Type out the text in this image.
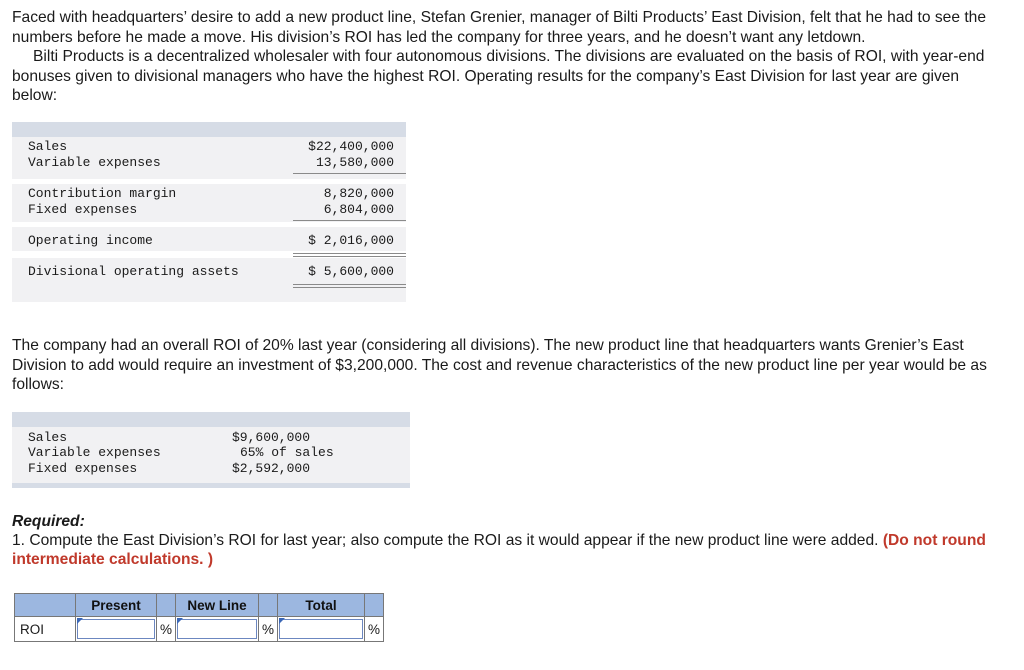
Faced with headquarters’ desire to add a new product line, Stefan Grenier, manager of Bilti Products’ East Division, felt that he had to see the numbers before he made a move. His division’s ROI has led the company for three years, and he doesn’t want any letdown.

Bilti Products is a decentralized wholesaler with four autonomous divisions. The divisions are evaluated on the basis of ROI, with year-end bonuses given to divisional managers who have the highest ROI. Operating results for the company’s East Division for last year are given below:

Sales	$22,400,000
Variable expenses	13,580,000
Contribution margin	8,820,000
Fixed expenses	6,804,000
Operating income	$ 2,016,000
Divisional operating assets	$ 5,600,000

The company had an overall ROI of 20% last year (considering all divisions). The new product line that headquarters wants Grenier’s East Division to add would require an investment of $3,200,000. The cost and revenue characteristics of the new product line per year would be as follows:

Sales	$9,600,000
Variable expenses	65% of sales
Fixed expenses	$2,592,000
Required:
1. Compute the East Division’s ROI for last year; also compute the ROI as it would appear if the new product line were added. (Do not round intermediate calculations. )
	Present		New Line		Total	
ROI		%		%		%
